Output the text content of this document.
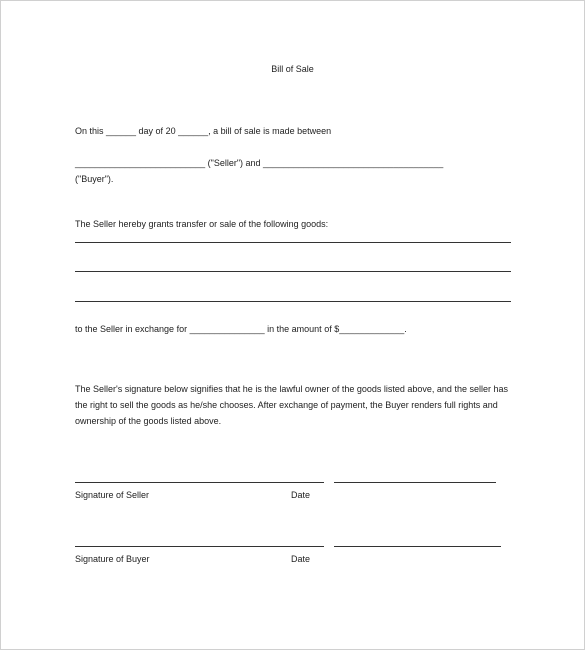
Bill of Sale
On this ______ day of 20 ______, a bill of sale is made between
__________________________ ("Seller") and ____________________________________
("Buyer").
The Seller hereby grants transfer or sale of the following goods:
to the Seller in exchange for _______________ in the amount of $_____________.
The Seller's signature below signifies that he is the lawful owner of the goods listed above, and the seller has
the right to sell the goods as he/she chooses. After exchange of payment, the Buyer renders full rights and
ownership of the goods listed above.
Signature of Seller	Date
Signature of Buyer	Date
